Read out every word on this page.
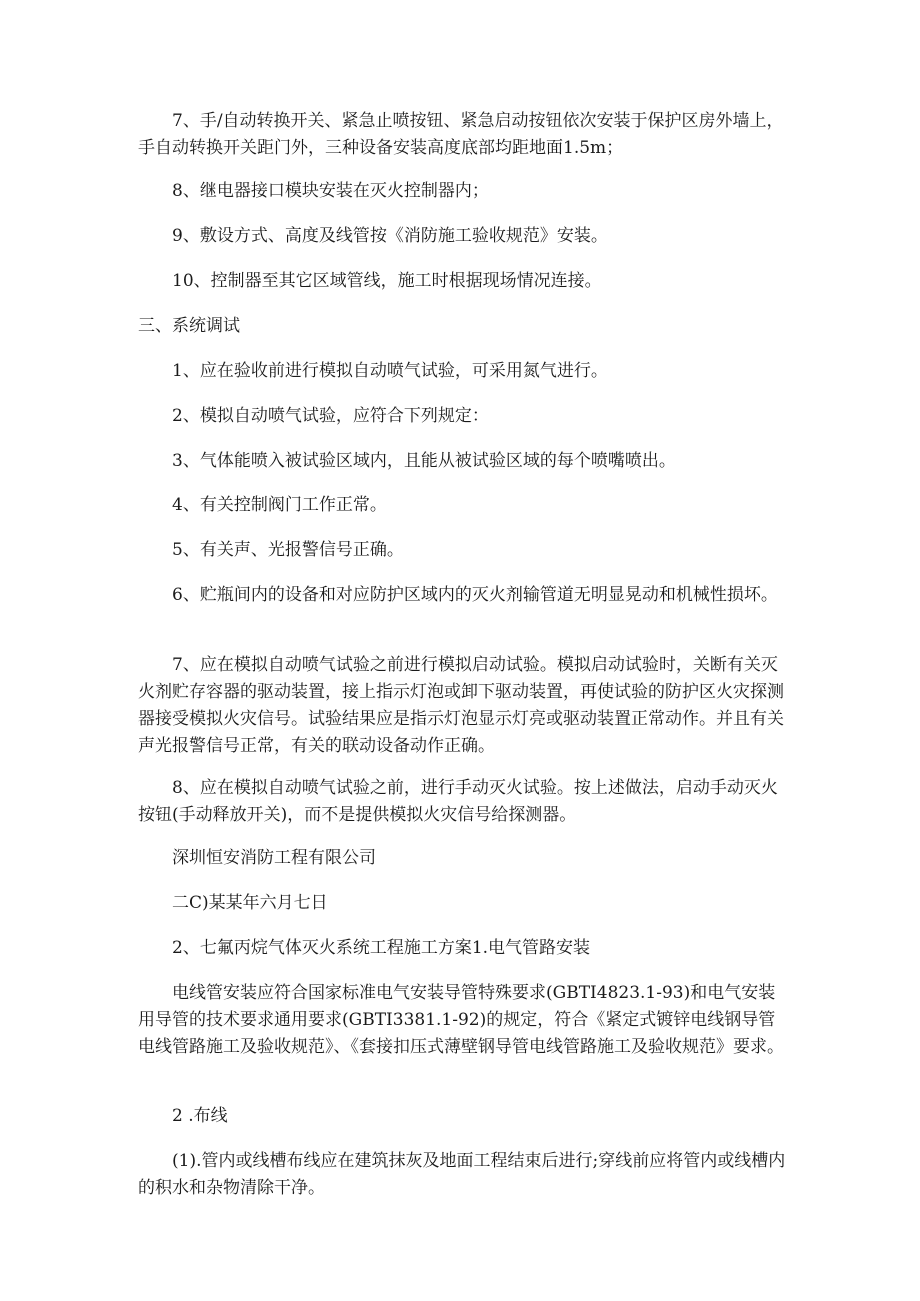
7、手/自动转换开关、紧急止喷按钮、紧急启动按钮依次安装于保护区房外墙上，手自动转换开关距门外，三种设备安装高度底部均距地面1.5m；

8、继电器接口模块安装在灭火控制器内；

9、敷设方式、高度及线管按《消防施工验收规范》安装。

10、控制器至其它区域管线，施工时根据现场情况连接。

三、系统调试

1、应在验收前进行模拟自动喷气试验，可采用氮气进行。

2、模拟自动喷气试验，应符合下列规定：

3、气体能喷入被试验区域内，且能从被试验区域的每个喷嘴喷出。

4、有关控制阀门工作正常。

5、有关声、光报警信号正确。

6、贮瓶间内的设备和对应防护区域内的灭火剂输管道无明显晃动和机械性损坏。

7、应在模拟自动喷气试验之前进行模拟启动试验。模拟启动试验时，关断有关灭火剂贮存容器的驱动装置，接上指示灯泡或卸下驱动装置，再使试验的防护区火灾探测器接受模拟火灾信号。试验结果应是指示灯泡显示灯亮或驱动装置正常动作。并且有关声光报警信号正常，有关的联动设备动作正确。

8、应在模拟自动喷气试验之前，进行手动灭火试验。按上述做法，启动手动灭火按钮(手动释放开关)，而不是提供模拟火灾信号给探测器。

深圳恒安消防工程有限公司

二C)某某年六月七日

2、七氟丙烷气体灭火系统工程施工方案1.电气管路安装

电线管安装应符合国家标准电气安装导管特殊要求(GBTI4823.1-93)和电气安装用导管的技术要求通用要求(GBTI3381.1-92)的规定，符合《紧定式镀锌电线钢导管电线管路施工及验收规范》、《套接扣压式薄壁钢导管电线管路施工及验收规范》要求。

2 .布线

(1).管内或线槽布线应在建筑抹灰及地面工程结束后进行;穿线前应将管内或线槽内的积水和杂物清除干净。
